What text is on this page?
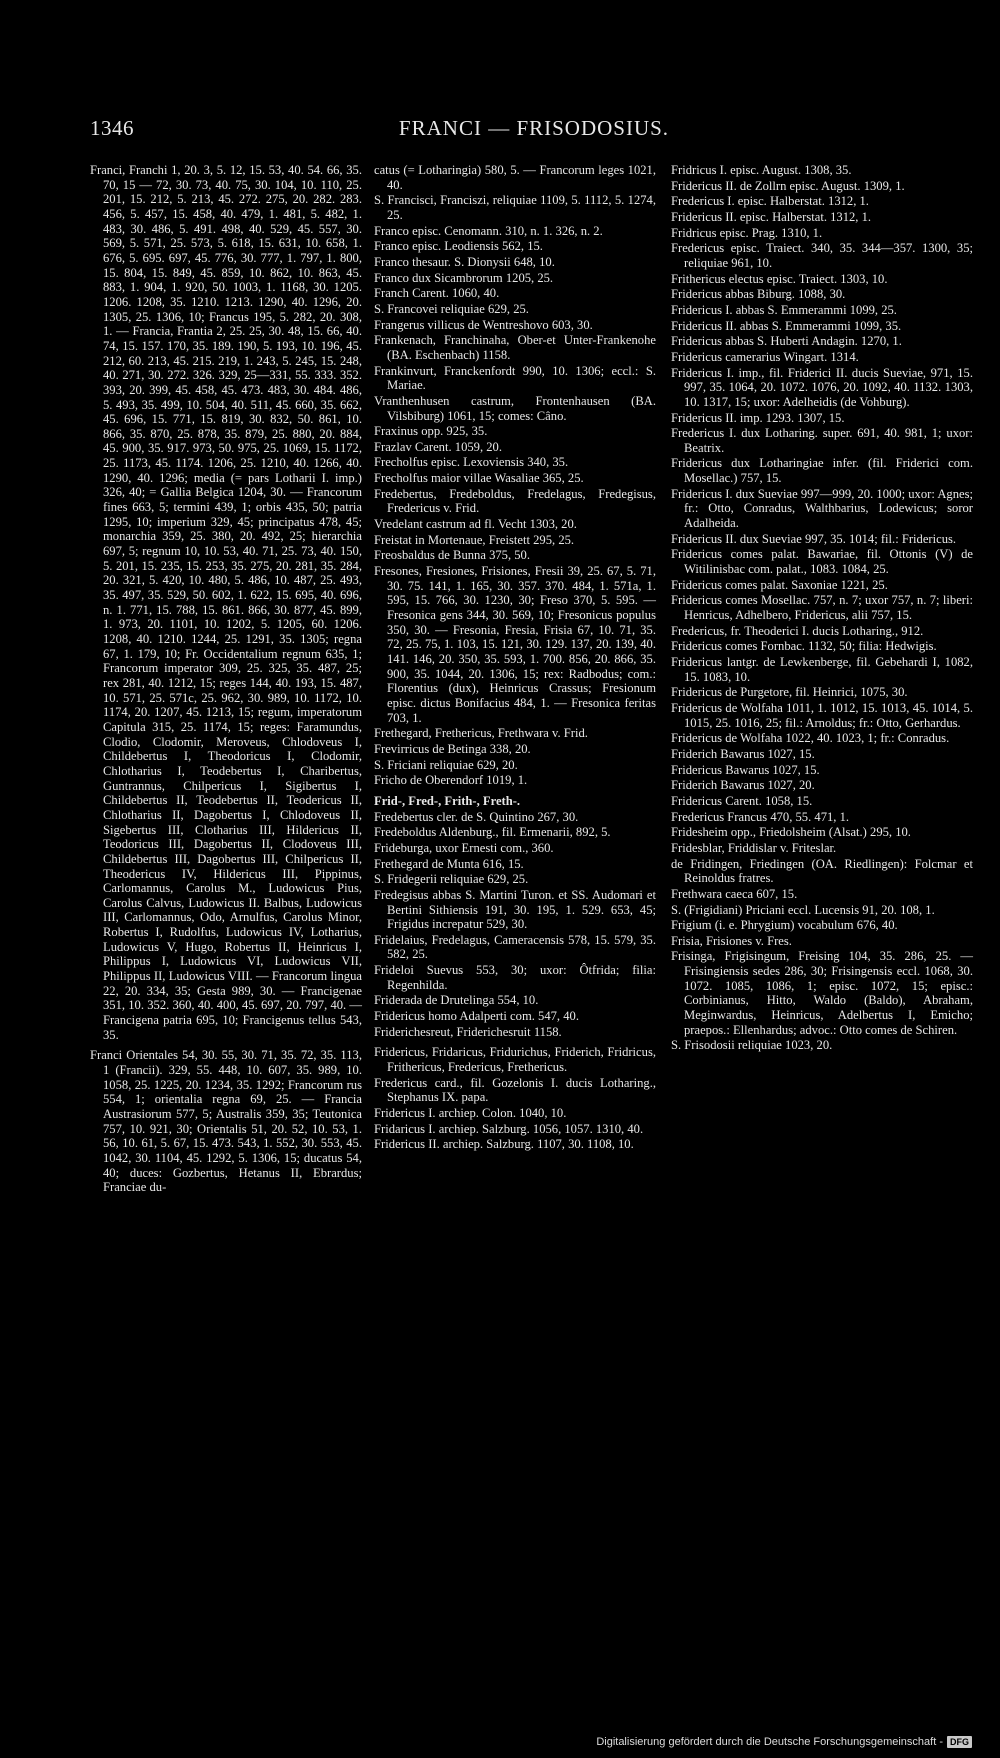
1346	FRANCI — FRISODOSIUS.

Franci, Franchi 1, 20. 3, 5. 12, 15. 53, 40. 54. 66, 35. 70, 15 — 72, 30. 73, 40. 75, 30. 104, 10. 110, 25. 201, 15. 212, 5. 213, 45. 272. 275, 20. 282. 283. 456, 5. 457, 15. 458, 40. 479, 1. 481, 5. 482, 1. 483, 30. 486, 5. 491. 498, 40. 529, 45. 557, 30. 569, 5. 571, 25. 573, 5. 618, 15. 631, 10. 658, 1. 676, 5. 695. 697, 45. 776, 30. 777, 1. 797, 1. 800, 15. 804, 15. 849, 45. 859, 10. 862, 10. 863, 45. 883, 1. 904, 1. 920, 50. 1003, 1. 1168, 30. 1205. 1206. 1208, 35. 1210. 1213. 1290, 40. 1296, 20. 1305, 25. 1306, 10; Francus 195, 5. 282, 20. 308, 1. — Francia, Frantia 2, 25. 25, 30. 48, 15. 66, 40. 74, 15. 157. 170, 35. 189. 190, 5. 193, 10. 196, 45. 212, 60. 213, 45. 215. 219, 1. 243, 5. 245, 15. 248, 40. 271, 30. 272. 326. 329, 25—331, 55. 333. 352. 393, 20. 399, 45. 458, 45. 473. 483, 30. 484. 486, 5. 493, 35. 499, 10. 504, 40. 511, 45. 660, 35. 662, 45. 696, 15. 771, 15. 819, 30. 832, 50. 861, 10. 866, 35. 870, 25. 878, 35. 879, 25. 880, 20. 884, 45. 900, 35. 917. 973, 50. 975, 25. 1069, 15. 1172, 25. 1173, 45. 1174. 1206, 25. 1210, 40. 1266, 40. 1290, 40. 1296; media (= pars Lotharii I. imp.) 326, 40; = Gallia Belgica 1204, 30. — Francorum fines 663, 5; termini 439, 1; orbis 435, 50; patria 1295, 10; imperium 329, 45; principatus 478, 45; monarchia 359, 25. 380, 20. 492, 25; hierarchia 697, 5; regnum 10, 10. 53, 40. 71, 25. 73, 40. 150, 5. 201, 15. 235, 15. 253, 35. 275, 20. 281, 35. 284, 20. 321, 5. 420, 10. 480, 5. 486, 10. 487, 25. 493, 35. 497, 35. 529, 50. 602, 1. 622, 15. 695, 40. 696, n. 1. 771, 15. 788, 15. 861. 866, 30. 877, 45. 899, 1. 973, 20. 1101, 10. 1202, 5. 1205, 60. 1206. 1208, 40. 1210. 1244, 25. 1291, 35. 1305; regna 67, 1. 179, 10; Fr. Occidentalium regnum 635, 1; Francorum imperator 309, 25. 325, 35. 487, 25; rex 281, 40. 1212, 15; reges 144, 40. 193, 15. 487, 10. 571, 25. 571c, 25. 962, 30. 989, 10. 1172, 10. 1174, 20. 1207, 45. 1213, 15; regum, imperatorum Capitula 315, 25. 1174, 15; reges: Faramundus, Clodio, Clodomir, Meroveus, Chlodoveus I, Childebertus I, Theodoricus I, Clodomir, Chlotharius I, Teodebertus I, Charibertus, Guntrannus, Chilpericus I, Sigibertus I, Childebertus II, Teodebertus II, Teodericus II, Chlotharius II, Dagobertus I, Chlodoveus II, Sigebertus III, Clotharius III, Hildericus II, Teodoricus III, Dagobertus II, Clodoveus III, Childebertus III, Dagobertus III, Chilpericus II, Theodericus IV, Hildericus III, Pippinus, Carlomannus, Carolus M., Ludowicus Pius, Carolus Calvus, Ludowicus II. Balbus, Ludowicus III, Carlomannus, Odo, Arnulfus, Carolus Minor, Robertus I, Rudolfus, Ludowicus IV, Lotharius, Ludowicus V, Hugo, Robertus II, Heinricus I, Philippus I, Ludowicus VI, Ludowicus VII, Philippus II, Ludowicus VIII. — Francorum lingua 22, 20. 334, 35; Gesta 989, 30. — Francigenae 351, 10. 352. 360, 40. 400, 45. 697, 20. 797, 40. — Francigena patria 695, 10; Francigenus tellus 543, 35.

Franci Orientales 54, 30. 55, 30. 71, 35. 72, 35. 113, 1 (Francii). 329, 55. 448, 10. 607, 35. 989, 10. 1058, 25. 1225, 20. 1234, 35. 1292; Francorum rus 554, 1; orientalia regna 69, 25. — Francia Austrasiorum 577, 5; Australis 359, 35; Teutonica 757, 10. 921, 30; Orientalis 51, 20. 52, 10. 53, 1. 56, 10. 61, 5. 67, 15. 473. 543, 1. 552, 30. 553, 45. 1042, 30. 1104, 45. 1292, 5. 1306, 15; ducatus 54, 40; duces: Gozbertus, Hetanus II, Ebrardus; Franciae du-

catus (= Lotharingia) 580, 5. — Francorum leges 1021, 40.

S. Francisci, Franciszi, reliquiae 1109, 5. 1112, 5. 1274, 25.

Franco episc. Cenomann. 310, n. 1. 326, n. 2.

Franco episc. Leodiensis 562, 15.

Franco thesaur. S. Dionysii 648, 10.

Franco dux Sicambrorum 1205, 25.

Franch Carent. 1060, 40.

S. Francovei reliquiae 629, 25.

Frangerus villicus de Wentreshovo 603, 30.

Frankenach, Franchinaha, Ober-et Unter-Frankenohe (BA. Eschenbach) 1158.

Frankinvurt, Franckenfordt 990, 10. 1306; eccl.: S. Mariae.

Vranthenhusen castrum, Frontenhausen (BA. Vilsbiburg) 1061, 15; comes: Câno.

Fraxinus opp. 925, 35.

Frazlav Carent. 1059, 20.

Frecholfus episc. Lexoviensis 340, 35.

Frecholfus maior villae Wasaliae 365, 25.

Fredebertus, Fredeboldus, Fredelagus, Fredegisus, Fredericus v. Frid.

Vredelant castrum ad fl. Vecht 1303, 20.

Freistat in Mortenaue, Freistett 295, 25.

Freosbaldus de Bunna 375, 50.

Fresones, Fresiones, Frisiones, Fresii 39, 25. 67, 5. 71, 30. 75. 141, 1. 165, 30. 357. 370. 484, 1. 571a, 1. 595, 15. 766, 30. 1230, 30; Freso 370, 5. 595. — Fresonica gens 344, 30. 569, 10; Fresonicus populus 350, 30. — Fresonia, Fresia, Frisia 67, 10. 71, 35. 72, 25. 75, 1. 103, 15. 121, 30. 129. 137, 20. 139, 40. 141. 146, 20. 350, 35. 593, 1. 700. 856, 20. 866, 35. 900, 35. 1044, 20. 1306, 15; rex: Radbodus; com.: Florentius (dux), Heinricus Crassus; Fresionum episc. dictus Bonifacius 484, 1. — Fresonica feritas 703, 1.

Frethegard, Frethericus, Frethwara v. Frid.

Frevirricus de Betinga 338, 20.

S. Friciani reliquiae 629, 20.

Fricho de Oberendorf 1019, 1.

Frid-, Fred-, Frith-, Freth-.

Fredebertus cler. de S. Quintino 267, 30.

Fredeboldus Aldenburg., fil. Ermenarii, 892, 5.

Frideburga, uxor Ernesti com., 360.

Frethegard de Munta 616, 15.

S. Fridegerii reliquiae 629, 25.

Fredegisus abbas S. Martini Turon. et SS. Audomari et Bertini Sithiensis 191, 30. 195, 1. 529. 653, 45; Frigidus increpatur 529, 30.

Fridelaius, Fredelagus, Cameracensis 578, 15. 579, 35. 582, 25.

Frideloi Suevus 553, 30; uxor: Ôtfrida; filia: Regenhilda.

Friderada de Drutelinga 554, 10.

Fridericus homo Adalperti com. 547, 40.

Friderichesreut, Friderichesruit 1158.

Fridericus, Fridaricus, Fridurichus, Friderich, Fridricus, Frithericus, Fredericus, Frethericus.

Fredericus card., fil. Gozelonis I. ducis Lotharing., Stephanus IX. papa.

Fridericus I. archiep. Colon. 1040, 10.

Fridaricus I. archiep. Salzburg. 1056, 1057. 1310, 40.

Fridericus II. archiep. Salzburg. 1107, 30. 1108, 10.

Fridricus I. episc. August. 1308, 35.

Fridericus II. de Zollrn episc. August. 1309, 1.

Fredericus I. episc. Halberstat. 1312, 1.

Fridericus II. episc. Halberstat. 1312, 1.

Fridricus episc. Prag. 1310, 1.

Fredericus episc. Traiect. 340, 35. 344—357. 1300, 35; reliquiae 961, 10.

Frithericus electus episc. Traiect. 1303, 10.

Fridericus abbas Biburg. 1088, 30.

Fridericus I. abbas S. Emmerammi 1099, 25.

Fridericus II. abbas S. Emmerammi 1099, 35.

Fridericus abbas S. Huberti Andagin. 1270, 1.

Fridericus camerarius Wingart. 1314.

Fridericus I. imp., fil. Friderici II. ducis Sueviae, 971, 15. 997, 35. 1064, 20. 1072. 1076, 20. 1092, 40. 1132. 1303, 10. 1317, 15; uxor: Adelheidis (de Vohburg).

Fridericus II. imp. 1293. 1307, 15.

Fredericus I. dux Lotharing. super. 691, 40. 981, 1; uxor: Beatrix.

Fridericus dux Lotharingiae infer. (fil. Friderici com. Mosellac.) 757, 15.

Fridericus I. dux Sueviae 997—999, 20. 1000; uxor: Agnes; fr.: Otto, Conradus, Walthbarius, Lodewicus; soror Adalheida.

Fridericus II. dux Sueviae 997, 35. 1014; fil.: Fridericus.

Fridericus comes palat. Bawariae, fil. Ottonis (V) de Witilinisbac com. palat., 1083. 1084, 25.

Fridericus comes palat. Saxoniae 1221, 25.

Fridericus comes Mosellac. 757, n. 7; uxor 757, n. 7; liberi: Henricus, Adhelbero, Fridericus, alii 757, 15.

Fredericus, fr. Theoderici I. ducis Lotharing., 912.

Fridericus comes Fornbac. 1132, 50; filia: Hedwigis.

Fridericus lantgr. de Lewkenberge, fil. Gebehardi I, 1082, 15. 1083, 10.

Fridericus de Purgetore, fil. Heinrici, 1075, 30.

Fridericus de Wolfaha 1011, 1. 1012, 15. 1013, 45. 1014, 5. 1015, 25. 1016, 25; fil.: Arnoldus; fr.: Otto, Gerhardus.

Fridericus de Wolfaha 1022, 40. 1023, 1; fr.: Conradus.

Friderich Bawarus 1027, 15.

Fridericus Bawarus 1027, 15.

Friderich Bawarus 1027, 20.

Fridericus Carent. 1058, 15.

Fredericus Francus 470, 55. 471, 1.

Fridesheim opp., Friedolsheim (Alsat.) 295, 10.

Fridesblar, Friddislar v. Friteslar.

de Fridingen, Friedingen (OA. Riedlingen): Folcmar et Reinoldus fratres.

Frethwara caeca 607, 15.

S. (Frigidiani) Priciani eccl. Lucensis 91, 20. 108, 1.

Frigium (i. e. Phrygium) vocabulum 676, 40.

Frisia, Frisiones v. Fres.

Frisinga, Frigisingum, Freising 104, 35. 286, 25. — Frisingiensis sedes 286, 30; Frisingensis eccl. 1068, 30. 1072. 1085, 1086, 1; episc. 1072, 15; episc.: Corbinianus, Hitto, Waldo (Baldo), Abraham, Meginwardus, Heinricus, Adelbertus I, Emicho; praepos.: Ellenhardus; advoc.: Otto comes de Schiren.

S. Frisodosii reliquiae 1023, 20.

Digitalisierung gefördert durch die Deutsche Forschungsgemeinschaft - DFG
